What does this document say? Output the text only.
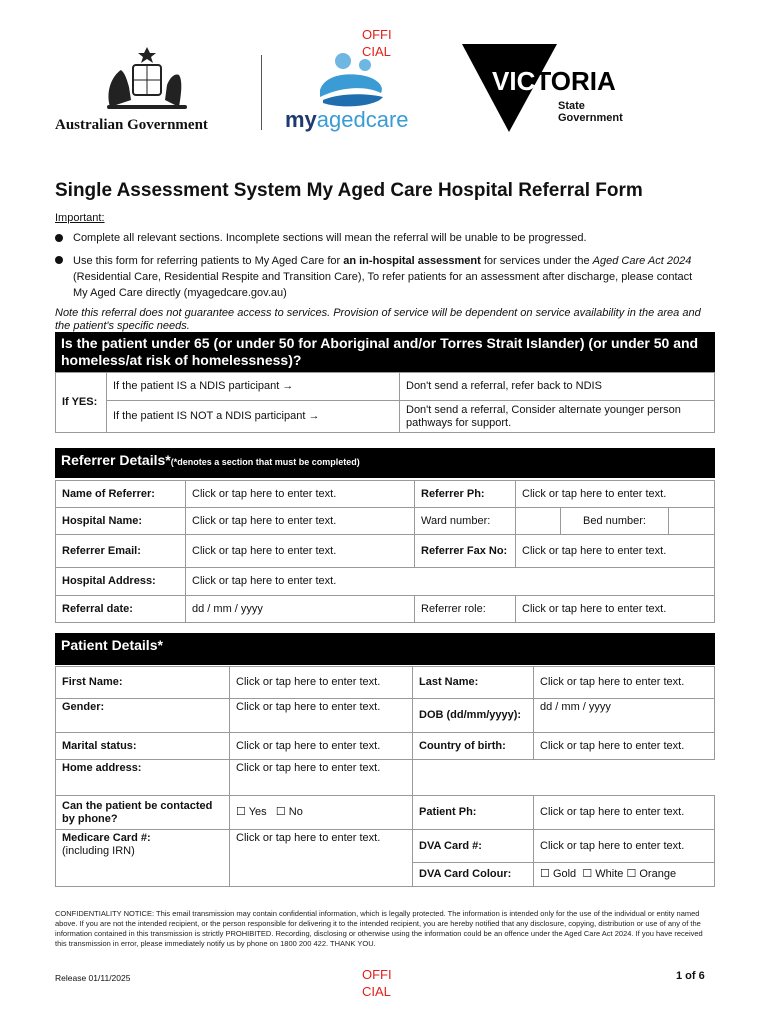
OFFI
CIAL
Australian Government	myagedcare
VICTORIA
State
Government
Single Assessment System My Aged Care Hospital Referral Form
Important:
Complete all relevant sections. Incomplete sections will mean the referral will be unable to be progressed.
Use this form for referring patients to My Aged Care for an in-hospital assessment for services under the Aged Care Act 2024 (Residential Care, Residential Respite and Transition Care), To refer patients for an assessment after discharge, please contact My Aged Care directly (myagedcare.gov.au)
Note this referral does not guarantee access to services. Provision of service will be dependent on service availability in the area and the patient's specific needs.
Is the patient under 65 (or under 50 for Aboriginal and/or Torres Strait Islander) (or under 50 and homeless/at risk of homelessness)?
If YES:	If the patient IS a NDIS participant →	Don't send a referral, refer back to NDIS
	If the patient IS NOT a NDIS participant →	Don't send a referral, Consider alternate younger person pathways for support.
Referrer Details*(*denotes a section that must be completed)
Name of Referrer:	Click or tap here to enter text.	Referrer Ph:	Click or tap here to enter text.		
Hospital Name:	Click or tap here to enter text.	Ward number:		Bed number:	
Referrer Email:	Click or tap here to enter text.	Referrer Fax No:	Click or tap here to enter text.		
Hospital Address:	Click or tap here to enter text.				
Referral date:	dd / mm / yyyy	Referrer role:	Click or tap here to enter text.		
Patient Details*
First Name:	Click or tap here to enter text.	Last Name:	Click or tap here to enter text.
Gender:	Click or tap here to enter text.	DOB (dd/mm/yyyy):	dd / mm / yyyy
Marital status:	Click or tap here to enter text.	Country of birth:	Click or tap here to enter text.
Home address:	Click or tap here to enter text.		
Can the patient be contacted by phone?	☐ Yes ☐ No	Patient Ph:	Click or tap here to enter text.
Medicare Card #:
(including IRN)	Click or tap here to enter text.	DVA Card #:	Click or tap here to enter text.
		DVA Card Colour:	☐ Gold ☐ White ☐ Orange
CONFIDENTIALITY NOTICE: This email transmission may contain confidential information, which is legally protected. The information is intended only for the use of the individual or entity named above. If you are not the intended recipient, or the person responsible for delivering it to the intended recipient, you are hereby notified that any disclosure, copying, distribution or use of any of the information contained in this transmission is strictly PROHIBITED. Recording, disclosing or otherwise using the information could be an offence under the Aged Care Act 2024. If you have received this transmission in error, please immediately notify us by phone on 1800 200 422. THANK YOU.
Release 01/11/2025	OFFI
CIAL
1 of 6
